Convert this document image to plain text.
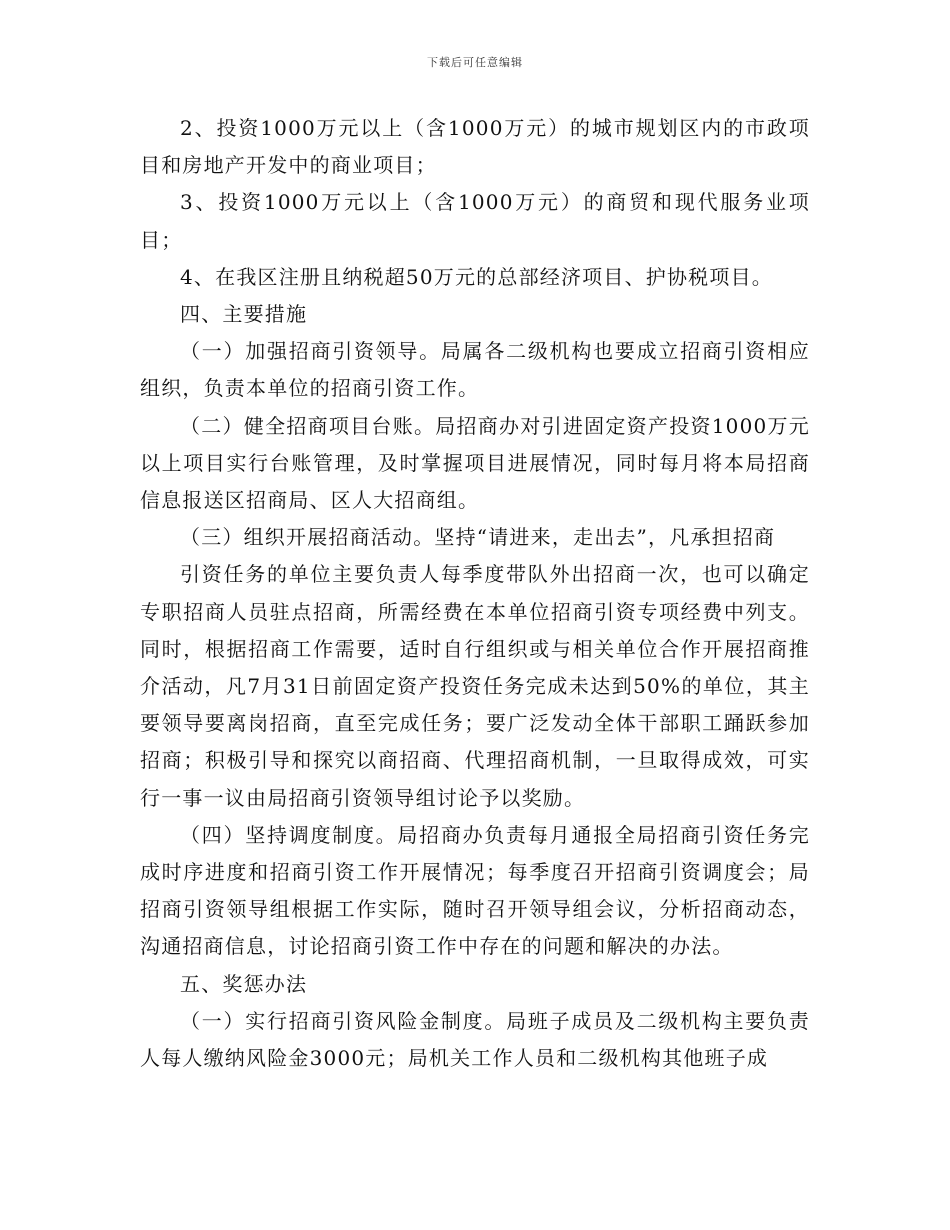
下载后可任意编辑

2、投资1000万元以上（含1000万元）的城市规划区内的市政项目和房地产开发中的商业项目；

3、投资1000万元以上（含1000万元）的商贸和现代服务业项目；

4、在我区注册且纳税超50万元的总部经济项目、护协税项目。

四、主要措施

（一）加强招商引资领导。局属各二级机构也要成立招商引资相应组织，负责本单位的招商引资工作。

（二）健全招商项目台账。局招商办对引进固定资产投资1000万元以上项目实行台账管理，及时掌握项目进展情况，同时每月将本局招商信息报送区招商局、区人大招商组。

（三）组织开展招商活动。坚持“请进来，走出去”，凡承担招商

引资任务的单位主要负责人每季度带队外出招商一次，也可以确定专职招商人员驻点招商，所需经费在本单位招商引资专项经费中列支。同时，根据招商工作需要，适时自行组织或与相关单位合作开展招商推介活动，凡7月31日前固定资产投资任务完成未达到50%的单位，其主要领导要离岗招商，直至完成任务；要广泛发动全体干部职工踊跃参加招商；积极引导和探究以商招商、代理招商机制，一旦取得成效，可实行一事一议由局招商引资领导组讨论予以奖励。

（四）坚持调度制度。局招商办负责每月通报全局招商引资任务完成时序进度和招商引资工作开展情况；每季度召开招商引资调度会；局招商引资领导组根据工作实际，随时召开领导组会议，分析招商动态，沟通招商信息，讨论招商引资工作中存在的问题和解决的办法。

五、奖惩办法

（一）实行招商引资风险金制度。局班子成员及二级机构主要负责人每人缴纳风险金3000元；局机关工作人员和二级机构其他班子成
